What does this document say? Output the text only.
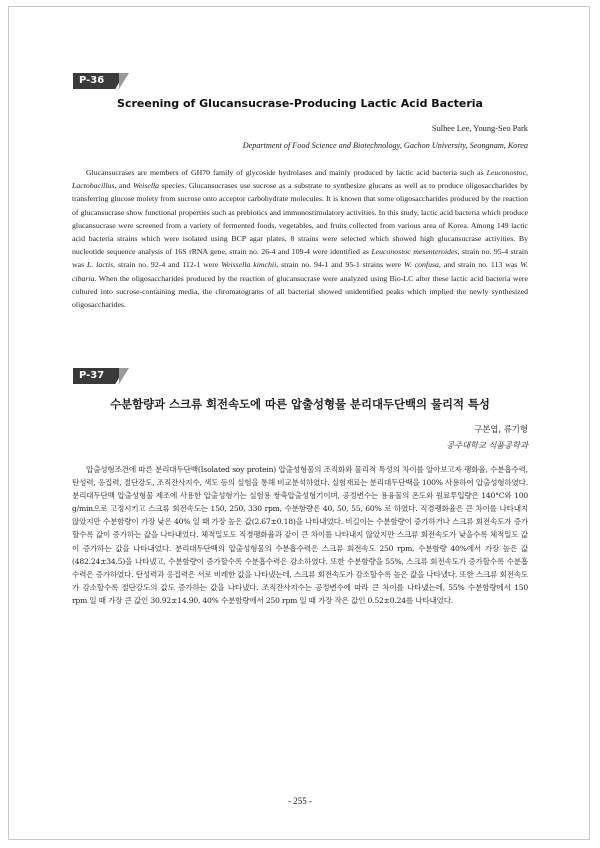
P-36
Screening of Glucansucrase-Producing Lactic Acid Bacteria
Sulhee Lee, Young-Seo Park
Department of Food Science and Biotechnology, Gachon University, Seongnam, Korea

Glucansucrases are members of GH70 family of glycoside hydrolases and mainly produced by lactic acid bacteria such as Leuconostoc, Lactobacillus, and Weisella species. Glucansucrases use sucrose as a substrate to synthesize glucans as well as to produce oligosaccharides by transferring glucose moiety from sucrose onto acceptor carbohydrate molecules. It is known that some oligosaccharides produced by the reaction of glucansucrase show functional properties such as prebiotics and immunostimulatory activities. In this study, lactic acid bacteria which produce glucansucrase were screened from a variety of fermented foods, vegetables, and fruits collected from various area of Korea. Among 149 lactic acid bacteria strains which were isolated using BCP agar plates, 8 strains were selected which showed high glucansucrase activities. By nucleotide sequence analysis of 16S rRNA gene, strain no. 26-4 and 109-4 were identified as Leuconostoc mesenteroides, strain no. 95-4 strain was L. lactis, strain no. 92-4 and 112-1 were Weissella kimchii, strain no. 94-1 and 95-1 strains were W. confusa, and strain no. 113 was W. cibaria. When the oligosaccharides produced by the reaction of glucansucrase were analyzed using Bio-LC after these lactic acid bacteria were cultured into sucrose-containing media, the chromatograms of all bacterial showed unidentified peaks which implied the newly synthesized oligosaccharides.

P-37
수분함량과 스크류 회전속도에 따른 압출성형물 분리대두단백의 물리적 특성
구본엽, 류기형
공주대학교 식품공학과

압출성형조건에 따른 분리대두단백(Isolated soy protein) 압출성형물의 조직화와 물리적 특성의 차이를 알아보고자 팽화율, 수분흡수력, 탄성력, 응집력, 절단강도, 조직잔사지수, 색도 등의 실험을 통해 비교분석하였다. 실험재료는 분리대두단백을 100% 사용하여 압출성형하였다. 분리대두단백 압출성형물 제조에 사용한 압출성형기는 실험용 쌍축압출성형기이며, 공정변수는 용융물의 온도와 원료투입량은 140°C와 100 g/min으로 고정시키고 스크류 회전속도는 150, 250, 330 rpm, 수분함량은 40, 50, 55, 60% 로 하였다. 직경팽화율은 큰 차이를 나타내지 않았지만 수분함량이 가장 낮은 40% 일 때 가장 높은 값(2.67±0.18)을 나타내었다. 비길이는 수분함량이 증가하거나 스크류 회전속도가 증가할수록 값이 증가하는 값을 나타내었다. 체적밀도도 직경팽화율과 같이 큰 차이를 나타내지 않았지만 스크류 회전속도가 낮을수록 체적밀도 값이 증가하는 값을 나타내었다. 분리대두단백의 압출성형물의 수분흡수력은 스크류 회전속도 250 rpm, 수분함량 40%에서 가장 높은 값(482.24±34.5)을 나타냈고, 수분함량이 증가할수록 수분흡수력은 감소하였다. 또한 수분함량을 55%, 스크류 회전속도가 증가할수록 수분흡수력은 증가하였다. 탄성력과 응집력은 서로 비례한 값을 나타냈는데, 스크류 회전속도가 감소할수록 높은 값을 나타냈다. 또한 스크류 회전속도가 감소할수록 절단강도의 값도 증가하는 값을 나타냈다. 조직잔사지수는 공정변수에 따라 큰 차이를 나타냈는데, 55% 수분함량에서 150 rpm 일 때 가장 큰 값인 30.92±14.90, 40% 수분함량에서 250 rpm 일 때 가장 작은 값인 0.52±0.24를 나타내었다.

- 255 -
